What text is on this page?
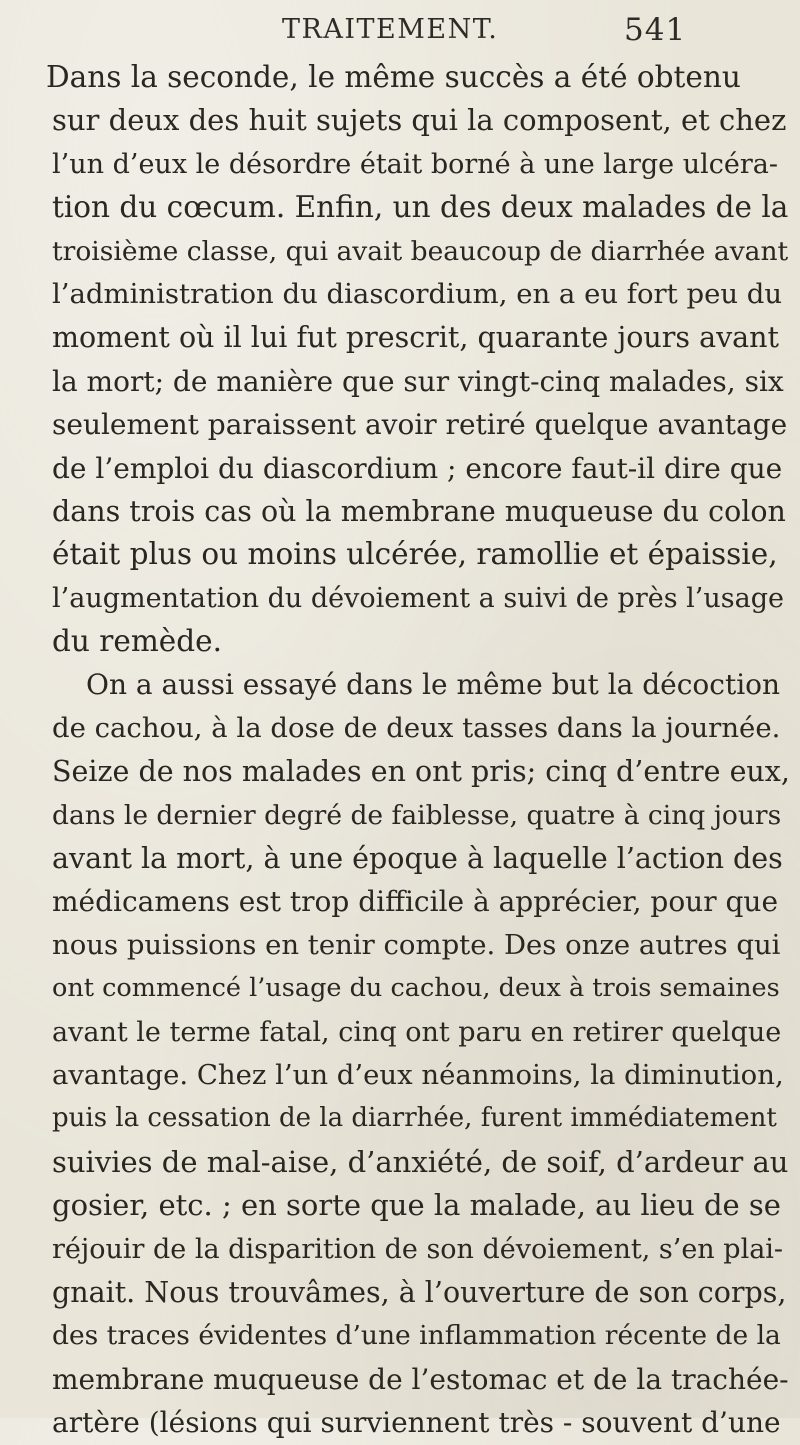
TRAITEMENT.	541
Dans la seconde, le même succès a été obtenu
sur deux des huit sujets qui la composent, et chez
l’un d’eux le désordre était borné à une large ulcéra-
tion du cœcum. Enfin, un des deux malades de la
troisième classe, qui avait beaucoup de diarrhée avant
l’administration du diascordium, en a eu fort peu du
moment où il lui fut prescrit, quarante jours avant
la mort; de manière que sur vingt-cinq malades, six
seulement paraissent avoir retiré quelque avantage
de l’emploi du diascordium ; encore faut-il dire que
dans trois cas où la membrane muqueuse du colon
était plus ou moins ulcérée, ramollie et épaissie,
l’augmentation du dévoiement a suivi de près l’usage
du remède.
On a aussi essayé dans le même but la décoction
de cachou, à la dose de deux tasses dans la journée.
Seize de nos malades en ont pris; cinq d’entre eux,
dans le dernier degré de faiblesse, quatre à cinq jours
avant la mort, à une époque à laquelle l’action des
médicamens est trop difficile à apprécier, pour que
nous puissions en tenir compte. Des onze autres qui
ont commencé l’usage du cachou, deux à trois semaines
avant le terme fatal, cinq ont paru en retirer quelque
avantage. Chez l’un d’eux néanmoins, la diminution,
puis la cessation de la diarrhée, furent immédiatement
suivies de mal-aise, d’anxiété, de soif, d’ardeur au
gosier, etc. ; en sorte que la malade, au lieu de se
réjouir de la disparition de son dévoiement, s’en plai-
gnait. Nous trouvâmes, à l’ouverture de son corps,
des traces évidentes d’une inflammation récente de la
membrane muqueuse de l’estomac et de la trachée-
artère (lésions qui surviennent très - souvent d’une
